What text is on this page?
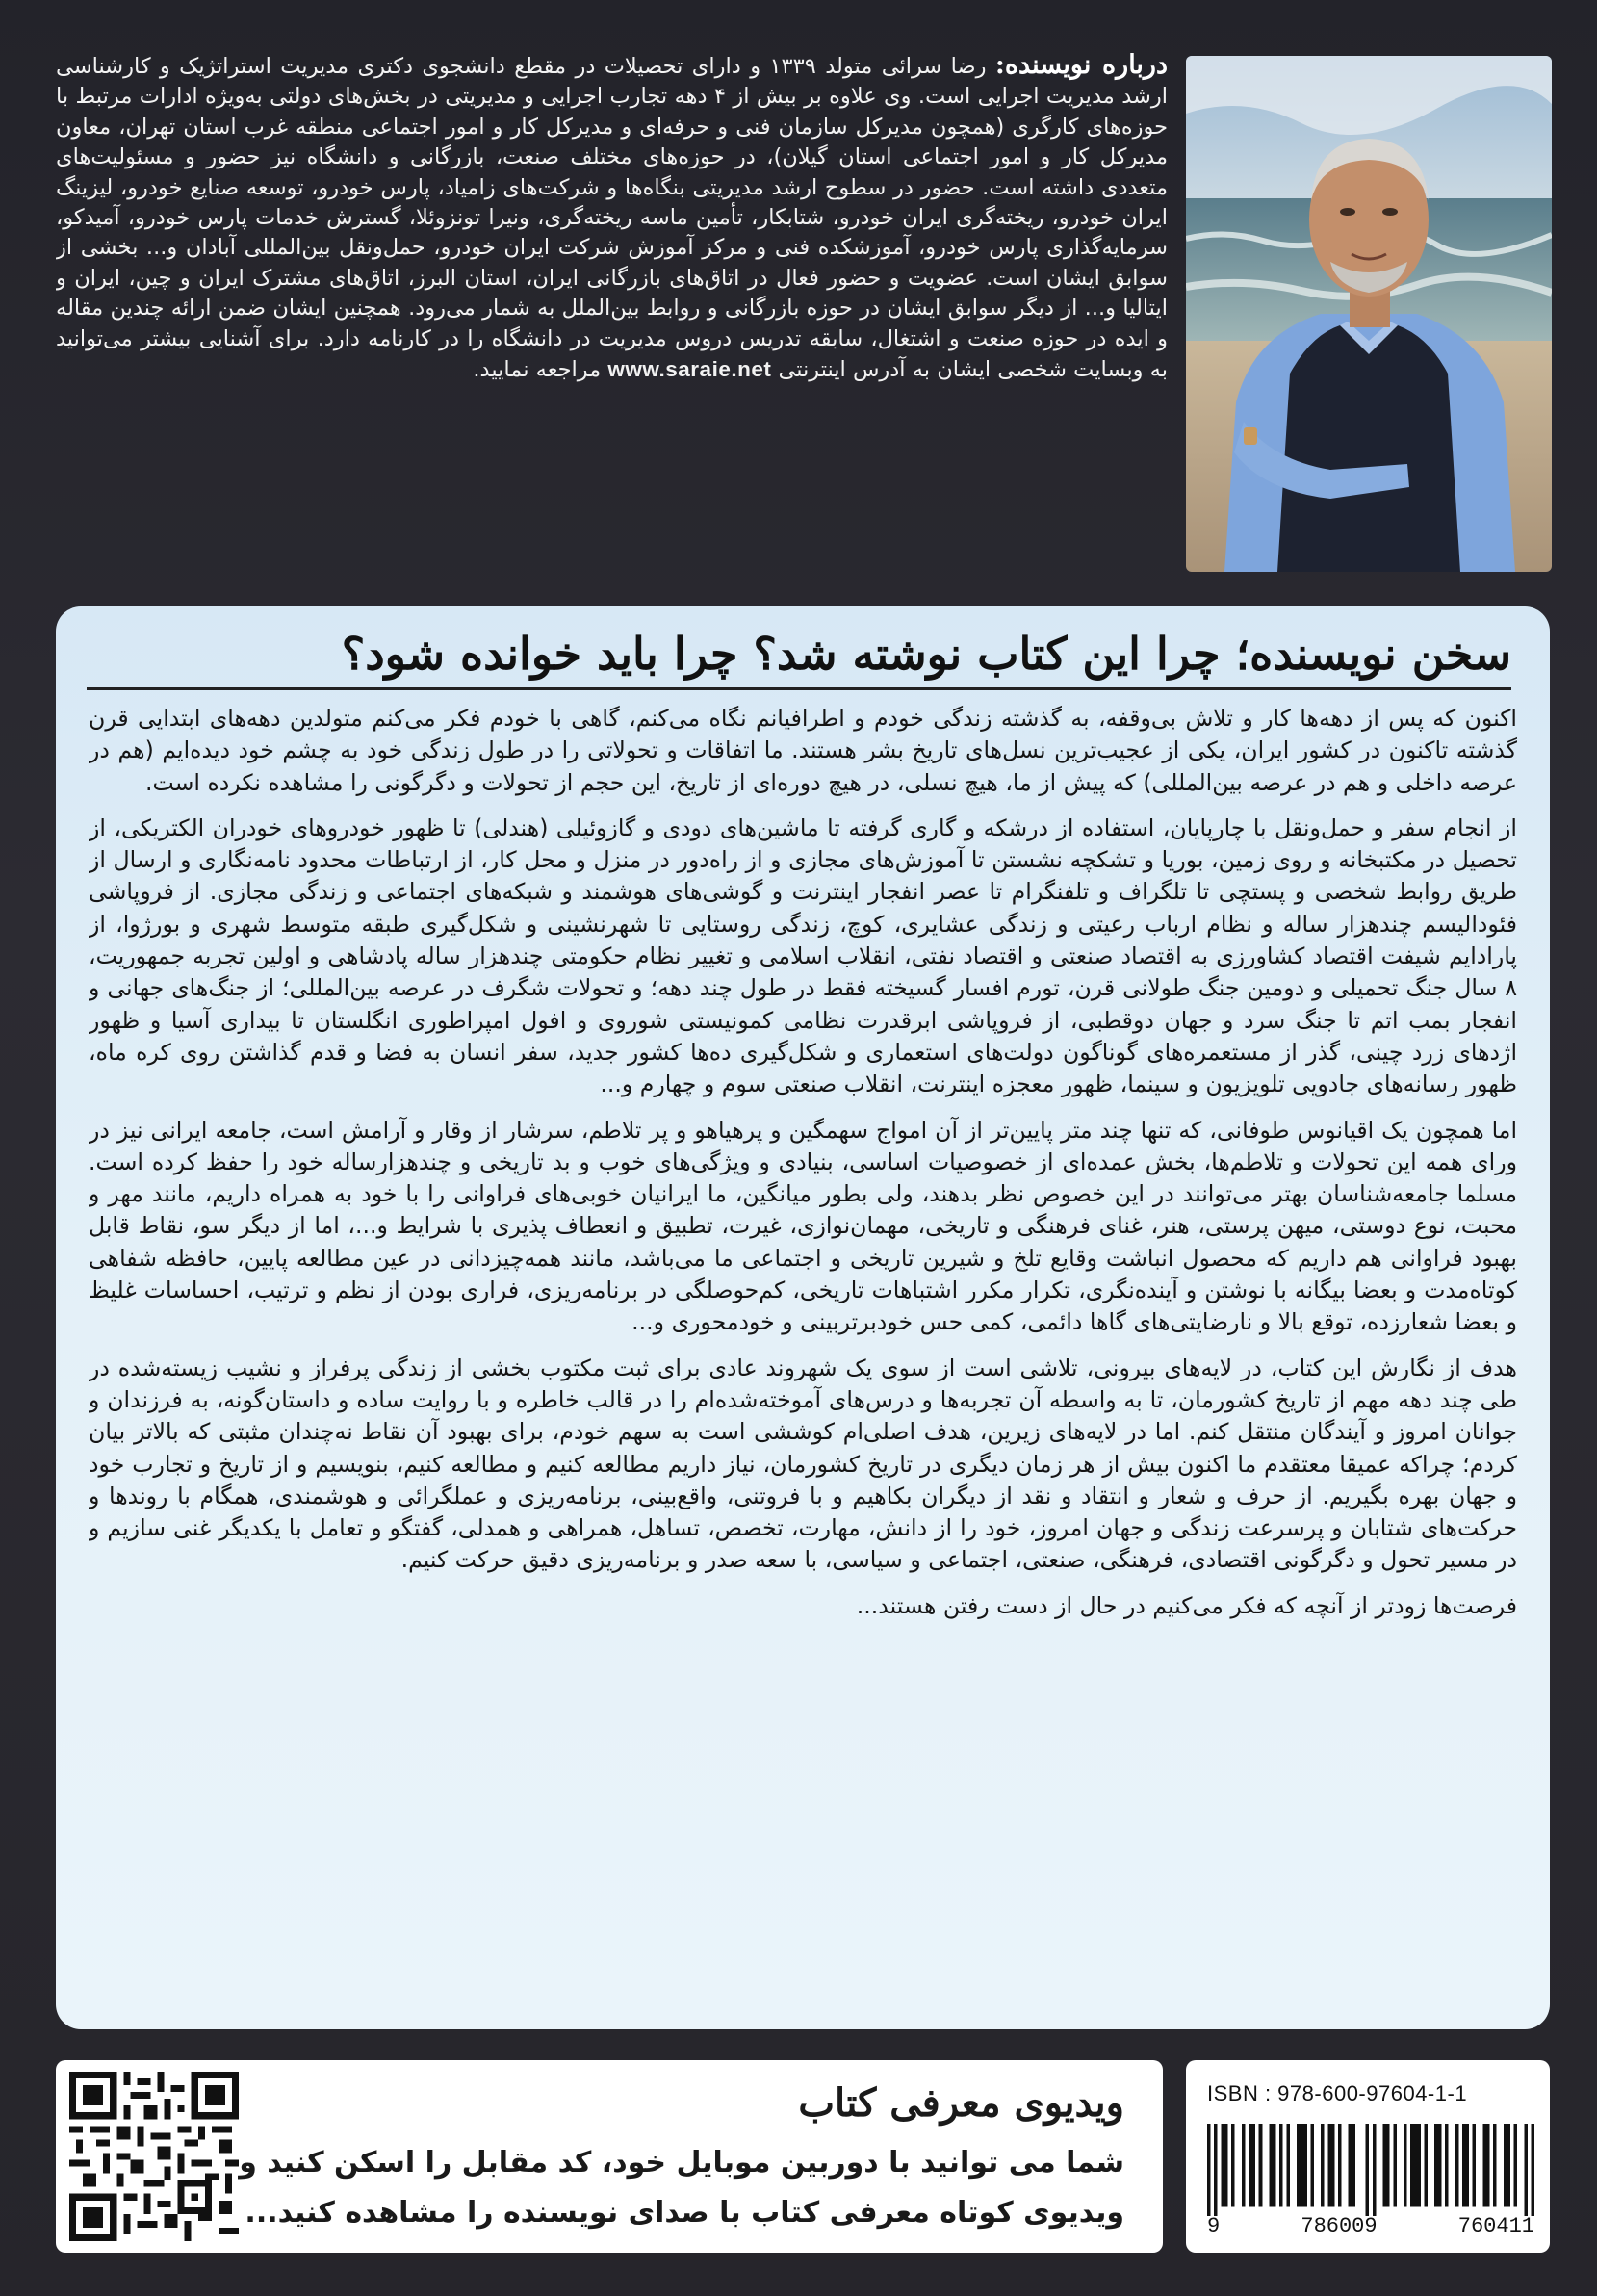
درباره نویسنده: رضا سرائی متولد ۱۳۳۹ و دارای تحصیلات در مقطع دانشجوی دکتری مدیریت استراتژیک و کارشناسی ارشد مدیریت اجرایی است. وی علاوه بر بیش از ۴ دهه تجارب اجرایی و مدیریتی در بخش‌های دولتی به‌ویژه ادارات مرتبط با حوزه‌های کارگری (همچون مدیرکل سازمان فنی و حرفه‌ای و مدیرکل کار و امور اجتماعی منطقه غرب استان تهران، معاون مدیرکل کار و امور اجتماعی استان گیلان)، در حوزه‌های مختلف صنعت، بازرگانی و دانشگاه نیز حضور و مسئولیت‌های متعددی داشته است. حضور در سطوح ارشد مدیریتی بنگاه‌ها و شرکت‌های زامیاد، پارس خودرو، توسعه صنایع خودرو، لیزینگ ایران خودرو، ریخته‌گری ایران خودرو، شتابکار، تأمین ماسه ریخته‌گری، ونیرا تونزوئلا، گسترش خدمات پارس خودرو، آمیدکو، سرمایه‌گذاری پارس خودرو، آموزشکده فنی و مرکز آموزش شرکت ایران خودرو، حمل‌ونقل بین‌المللی آبادان و... بخشی از سوابق ایشان است. عضویت و حضور فعال در اتاق‌های بازرگانی ایران، استان البرز، اتاق‌های مشترک ایران و چین، ایران و ایتالیا و... از دیگر سوابق ایشان در حوزه بازرگانی و روابط بین‌الملل به شمار می‌رود. همچنین ایشان ضمن ارائه چندین مقاله و ایده در حوزه صنعت و اشتغال، سابقه تدریس دروس مدیریت در دانشگاه را در کارنامه دارد. برای آشنایی بیشتر می‌توانید به وبسایت شخصی ایشان به آدرس اینترنتی www.saraie.net مراجعه نمایید.
سخن نویسنده؛ چرا این کتاب نوشته شد؟ چرا باید خوانده شود؟

اکنون که پس از دهه‌ها کار و تلاش بی‌وقفه، به گذشته زندگی خودم و اطرافیانم نگاه می‌کنم، گاهی با خودم فکر می‌کنم متولدین دهه‌های ابتدایی قرن گذشته تاکنون در کشور ایران، یکی از عجیب‌ترین نسل‌های تاریخ بشر هستند. ما اتفاقات و تحولاتی را در طول زندگی خود به چشم خود دیده‌ایم (هم در عرصه داخلی و هم در عرصه بین‌المللی) که پیش از ما، هیچ نسلی، در هیچ دوره‌ای از تاریخ، این حجم از تحولات و دگرگونی را مشاهده نکرده است.

از انجام سفر و حمل‌ونقل با چارپایان، استفاده از درشکه و گاری گرفته تا ماشین‌های دودی و گازوئیلی (هندلی) تا ظهور خودروهای خودران الکتریکی، از تحصیل در مکتبخانه و روی زمین، بوریا و تشکچه نشستن تا آموزش‌های مجازی و از راه‌دور در منزل و محل کار، از ارتباطات محدود نامه‌نگاری و ارسال از طریق روابط شخصی و پستچی تا تلگراف و تلفنگرام تا عصر انفجار اینترنت و گوشی‌های هوشمند و شبکه‌های اجتماعی و زندگی مجازی. از فروپاشی فئودالیسم چندهزار ساله و نظام ارباب رعیتی و زندگی عشایری، کوچ، زندگی روستایی تا شهرنشینی و شکل‌گیری طبقه متوسط شهری و بورژوا، از پارادایم شیفت اقتصاد کشاورزی به اقتصاد صنعتی و اقتصاد نفتی، انقلاب اسلامی و تغییر نظام حکومتی چندهزار ساله پادشاهی و اولین تجربه جمهوریت، ۸ سال جنگ تحمیلی و دومین جنگ طولانی قرن، تورم افسار گسیخته فقط در طول چند دهه؛ و تحولات شگرف در عرصه بین‌المللی؛ از جنگ‌های جهانی و انفجار بمب اتم تا جنگ سرد و جهان دوقطبی، از فروپاشی ابرقدرت نظامی کمونیستی شوروی و افول امپراطوری انگلستان تا بیداری آسیا و ظهور اژدهای زرد چینی، گذر از مستعمره‌های گوناگون دولت‌های استعماری و شکل‌گیری ده‌ها کشور جدید، سفر انسان به فضا و قدم گذاشتن روی کره ماه، ظهور رسانه‌های جادویی تلویزیون و سینما، ظهور معجزه اینترنت، انقلاب صنعتی سوم و چهارم و...

اما همچون یک اقیانوس طوفانی، که تنها چند متر پایین‌تر از آن امواج سهمگین و پرهیاهو و پر تلاطم، سرشار از وقار و آرامش است، جامعه ایرانی نیز در ورای همه این تحولات و تلاطم‌ها، بخش عمده‌ای از خصوصیات اساسی، بنیادی و ویژگی‌های خوب و بد تاریخی و چندهزارساله خود را حفظ کرده است. مسلما جامعه‌شناسان بهتر می‌توانند در این خصوص نظر بدهند، ولی بطور میانگین، ما ایرانیان خوبی‌های فراوانی را با خود به همراه داریم، مانند مهر و محبت، نوع دوستی، میهن پرستی، هنر، غنای فرهنگی و تاریخی، مهمان‌نوازی، غیرت، تطبیق و انعطاف پذیری با شرایط و...، اما از دیگر سو، نقاط قابل بهبود فراوانی هم داریم که محصول انباشت وقایع تلخ و شیرین تاریخی و اجتماعی ما می‌باشد، مانند همه‌چیزدانی در عین مطالعه پایین، حافظه شفاهی کوتاه‌مدت و بعضا بیگانه با نوشتن و آینده‌نگری، تکرار مکرر اشتباهات تاریخی، کم‌حوصلگی در برنامه‌ریزی، فراری بودن از نظم و ترتیب، احساسات غلیظ و بعضا شعارزده، توقع بالا و نارضایتی‌های گاها دائمی، کمی حس خودبرتربینی و خودمحوری و...

هدف از نگارش این کتاب، در لایه‌های بیرونی، تلاشی است از سوی یک شهروند عادی برای ثبت مکتوب بخشی از زندگی پرفراز و نشیب زیسته‌شده در طی چند دهه مهم از تاریخ کشورمان، تا به واسطه آن تجربه‌ها و درس‌های آموخته‌شده‌ام را در قالب خاطره و با روایت ساده و داستان‌گونه، به فرزندان و جوانان امروز و آیندگان منتقل کنم. اما در لایه‌های زیرین، هدف اصلی‌ام کوششی است به سهم خودم، برای بهبود آن نقاط نه‌چندان مثبتی که بالاتر بیان کردم؛ چراکه عمیقا معتقدم ما اکنون بیش از هر زمان دیگری در تاریخ کشورمان، نیاز داریم مطالعه کنیم و مطالعه کنیم، بنویسیم و از تاریخ و تجارب خود و جهان بهره بگیریم. از حرف و شعار و انتقاد و نقد از دیگران بکاهیم و با فروتنی، واقع‌بینی، برنامه‌ریزی و عملگرائی و هوشمندی، همگام با روندها و حرکت‌های شتابان و پرسرعت زندگی و جهان امروز، خود را از دانش، مهارت، تخصص، تساهل، همراهی و همدلی، گفتگو و تعامل با یکدیگر غنی سازیم و در مسیر تحول و دگرگونی اقتصادی، فرهنگی، صنعتی، اجتماعی و سیاسی، با سعه صدر و برنامه‌ریزی دقیق حرکت کنیم.

فرصت‌ها زودتر از آنچه که فکر می‌کنیم در حال از دست رفتن هستند...

ویدیوی معرفی کتاب
شما می توانید با دوربین موبایل خود، کد مقابل را اسکن کنید و
ویدیوی کوتاه معرفی کتاب با صدای نویسنده را مشاهده کنید...
ISBN : 978-600-97604-1-1
9	786009	760411
